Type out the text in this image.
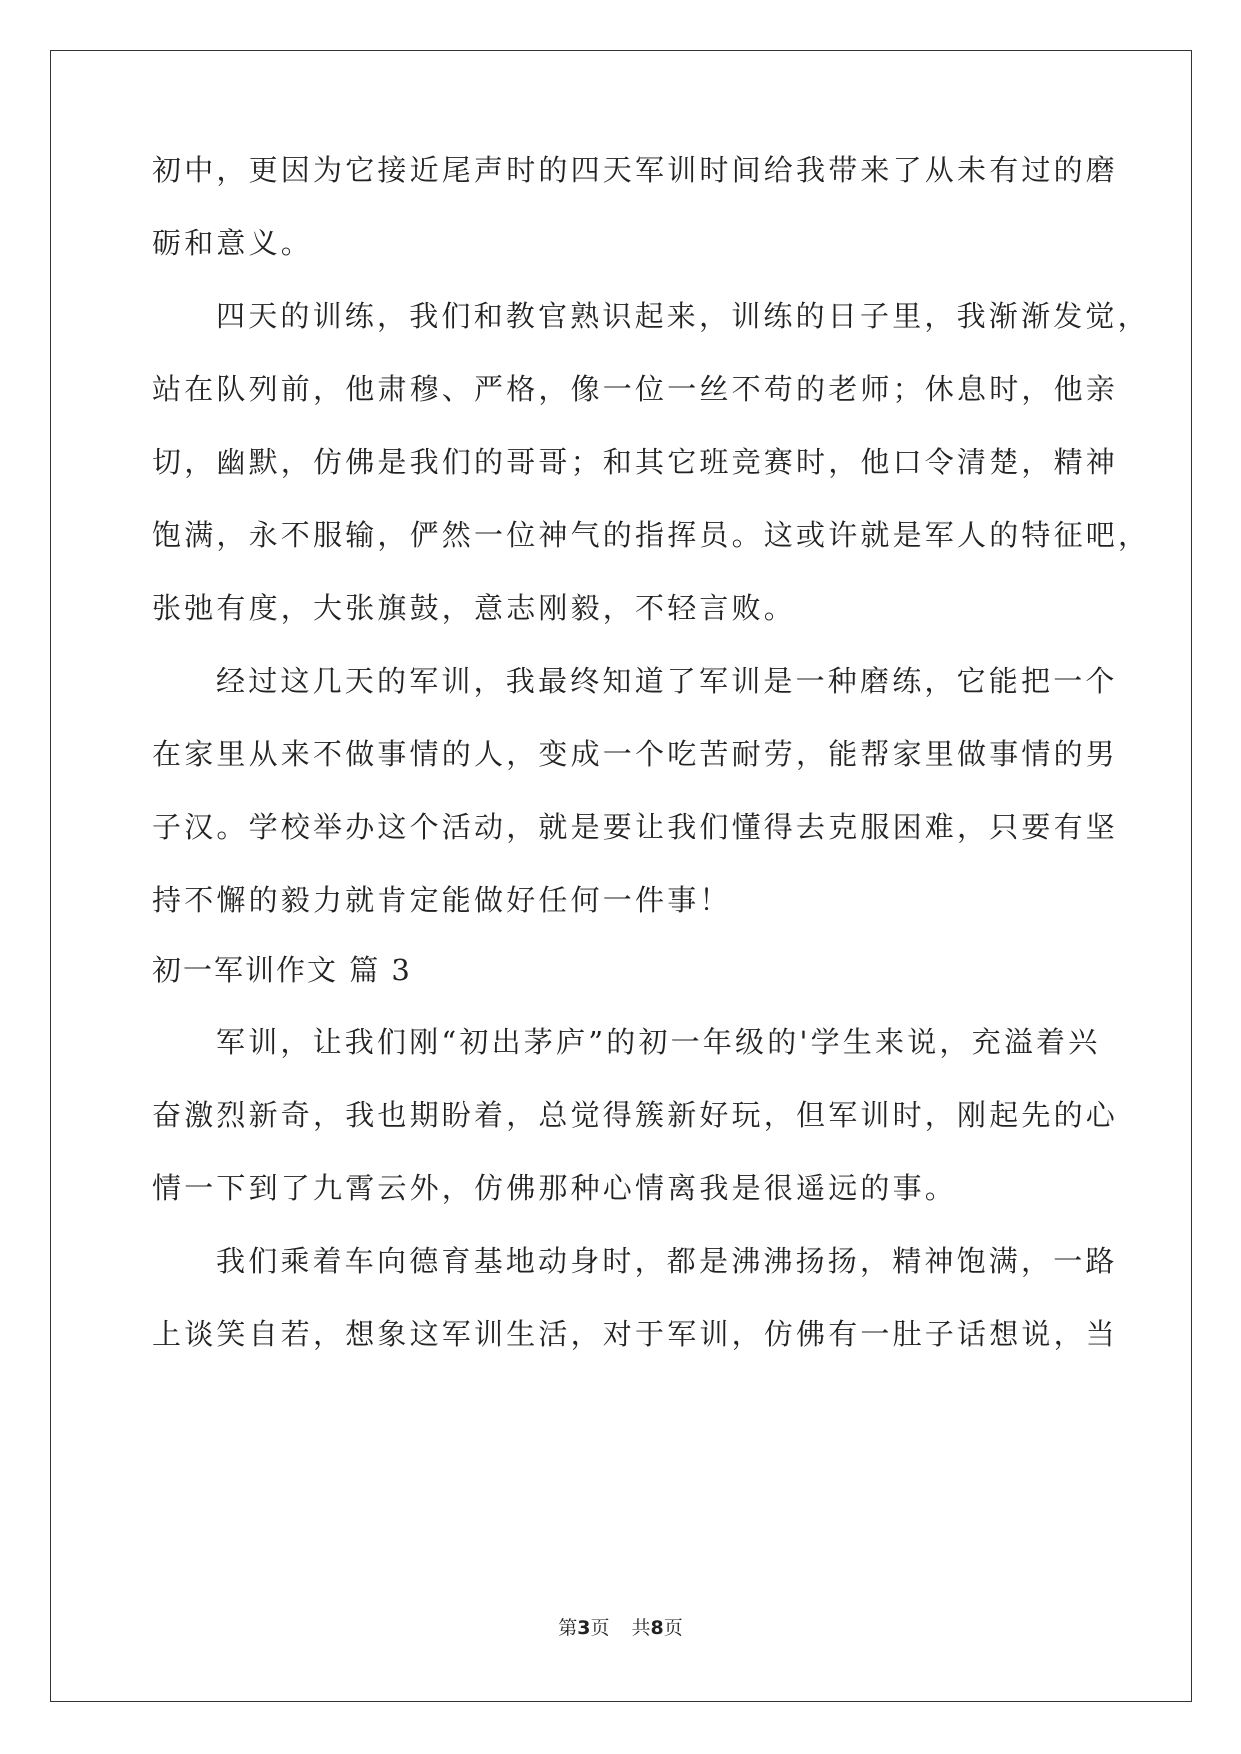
初中，更因为它接近尾声时的四天军训时间给我带来了从未有过的磨
砺和意义。
四天的训练，我们和教官熟识起来，训练的日子里，我渐渐发觉，
站在队列前，他肃穆、严格，像一位一丝不苟的老师；休息时，他亲
切，幽默，仿佛是我们的哥哥；和其它班竞赛时，他口令清楚，精神
饱满，永不服输，俨然一位神气的指挥员。这或许就是军人的特征吧，
张弛有度，大张旗鼓，意志刚毅，不轻言败。
经过这几天的军训，我最终知道了军训是一种磨练，它能把一个
在家里从来不做事情的人，变成一个吃苦耐劳，能帮家里做事情的男
子汉。学校举办这个活动，就是要让我们懂得去克服困难，只要有坚
持不懈的毅力就肯定能做好任何一件事！
初一军训作文 篇 3
军训，让我们刚“初出茅庐”的初一年级的'学生来说，充溢着兴
奋激烈新奇，我也期盼着，总觉得簇新好玩，但军训时，刚起先的心
情一下到了九霄云外，仿佛那种心情离我是很遥远的事。
我们乘着车向德育基地动身时，都是沸沸扬扬，精神饱满，一路
上谈笑自若，想象这军训生活，对于军训，仿佛有一肚子话想说，当
第3页 共8页
